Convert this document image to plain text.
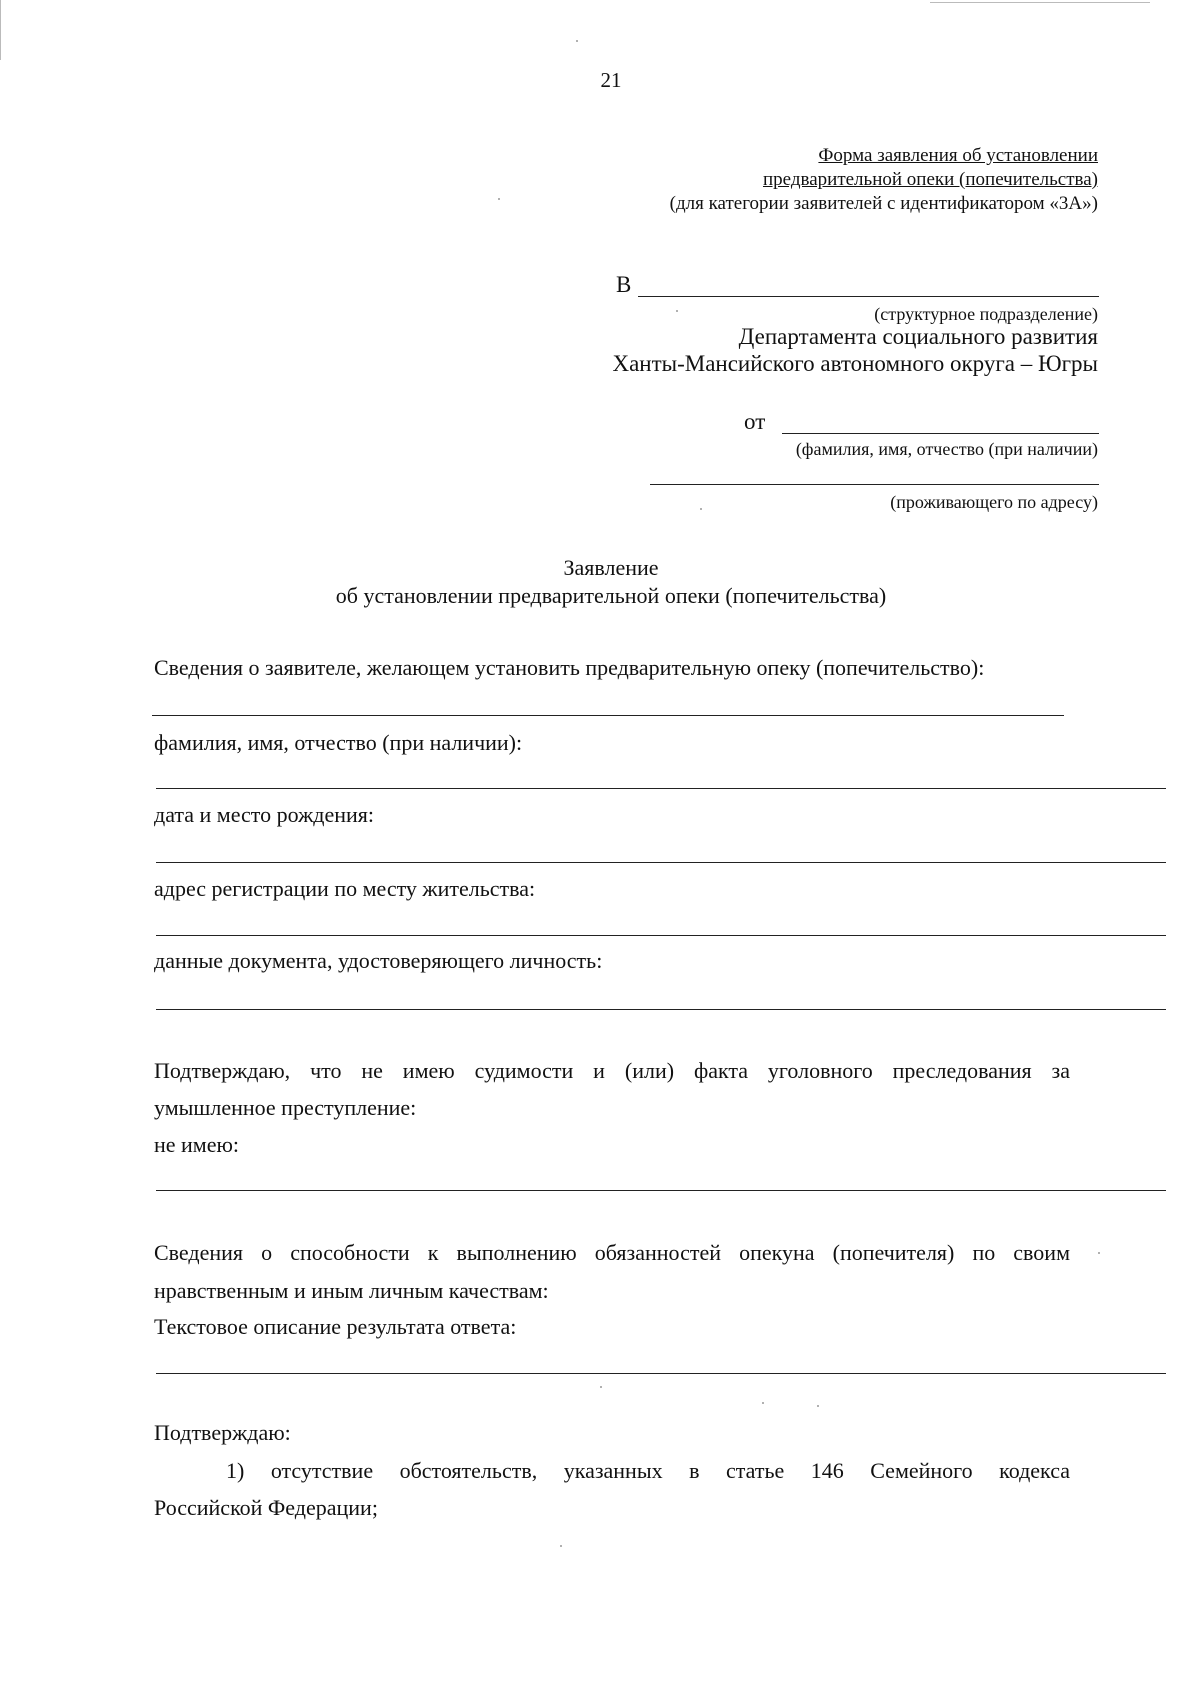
21
Форма заявления об установлении
предварительной опеки (попечительства)
(для категории заявителей с идентификатором «3А»)
В
(структурное подразделение)
Департамента социального развития
Ханты-Мансийского автономного округа – Югры
от
(фамилия, имя, отчество (при наличии)
(проживающего по адресу)
Заявление
об установлении предварительной опеки (попечительства)
Сведения о заявителе, желающем установить предварительную опеку (попечительство):
фамилия, имя, отчество (при наличии):
дата и место рождения:
адрес регистрации по месту жительства:
данные документа, удостоверяющего личность:
Подтверждаю, что не имею судимости и (или) факта уголовного преследования за
умышленное преступление:
не имею:
Сведения о способности к выполнению обязанностей опекуна (попечителя) по своим
нравственным и иным личным качествам:
Текстовое описание результата ответа:
Подтверждаю:
1) отсутствие обстоятельств, указанных в статье 146 Семейного кодекса
Российской Федерации;
